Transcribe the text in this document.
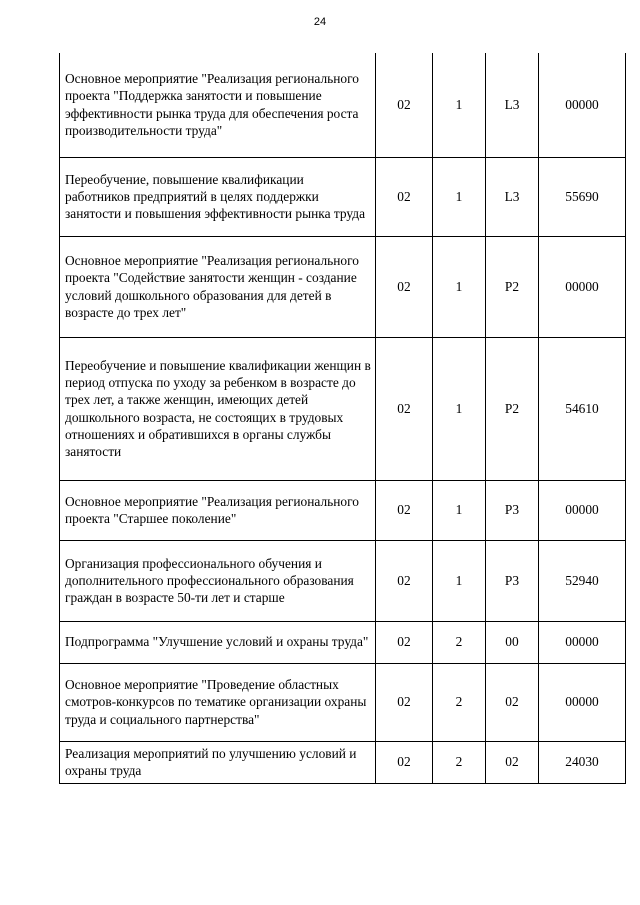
24
Основное мероприятие "Реализация регионального проекта "Поддержка занятости и повышение эффективности рынка труда для обеспечения роста производительности труда"	02	1	L3	00000
Переобучение, повышение квалификации работников предприятий в целях поддержки занятости и повышения эффективности рынка труда	02	1	L3	55690
Основное мероприятие "Реализация регионального проекта "Содействие занятости женщин - создание условий дошкольного образования для детей в возрасте до трех лет"	02	1	P2	00000
Переобучение и повышение квалификации женщин в период отпуска по уходу за ребенком в возрасте до трех лет, а также женщин, имеющих детей дошкольного возраста, не состоящих в трудовых отношениях и обратившихся в органы службы занятости	02	1	P2	54610
Основное мероприятие "Реализация регионального проекта "Старшее поколение"	02	1	P3	00000
Организация профессионального обучения и дополнительного профессионального образования граждан в возрасте 50-ти лет и старше	02	1	P3	52940
Подпрограмма "Улучшение условий и охраны труда"	02	2	00	00000
Основное мероприятие "Проведение областных смотров-конкурсов по тематике организации охраны труда и социального партнерства"	02	2	02	00000
Реализация мероприятий по улучшению условий и охраны труда	02	2	02	24030
